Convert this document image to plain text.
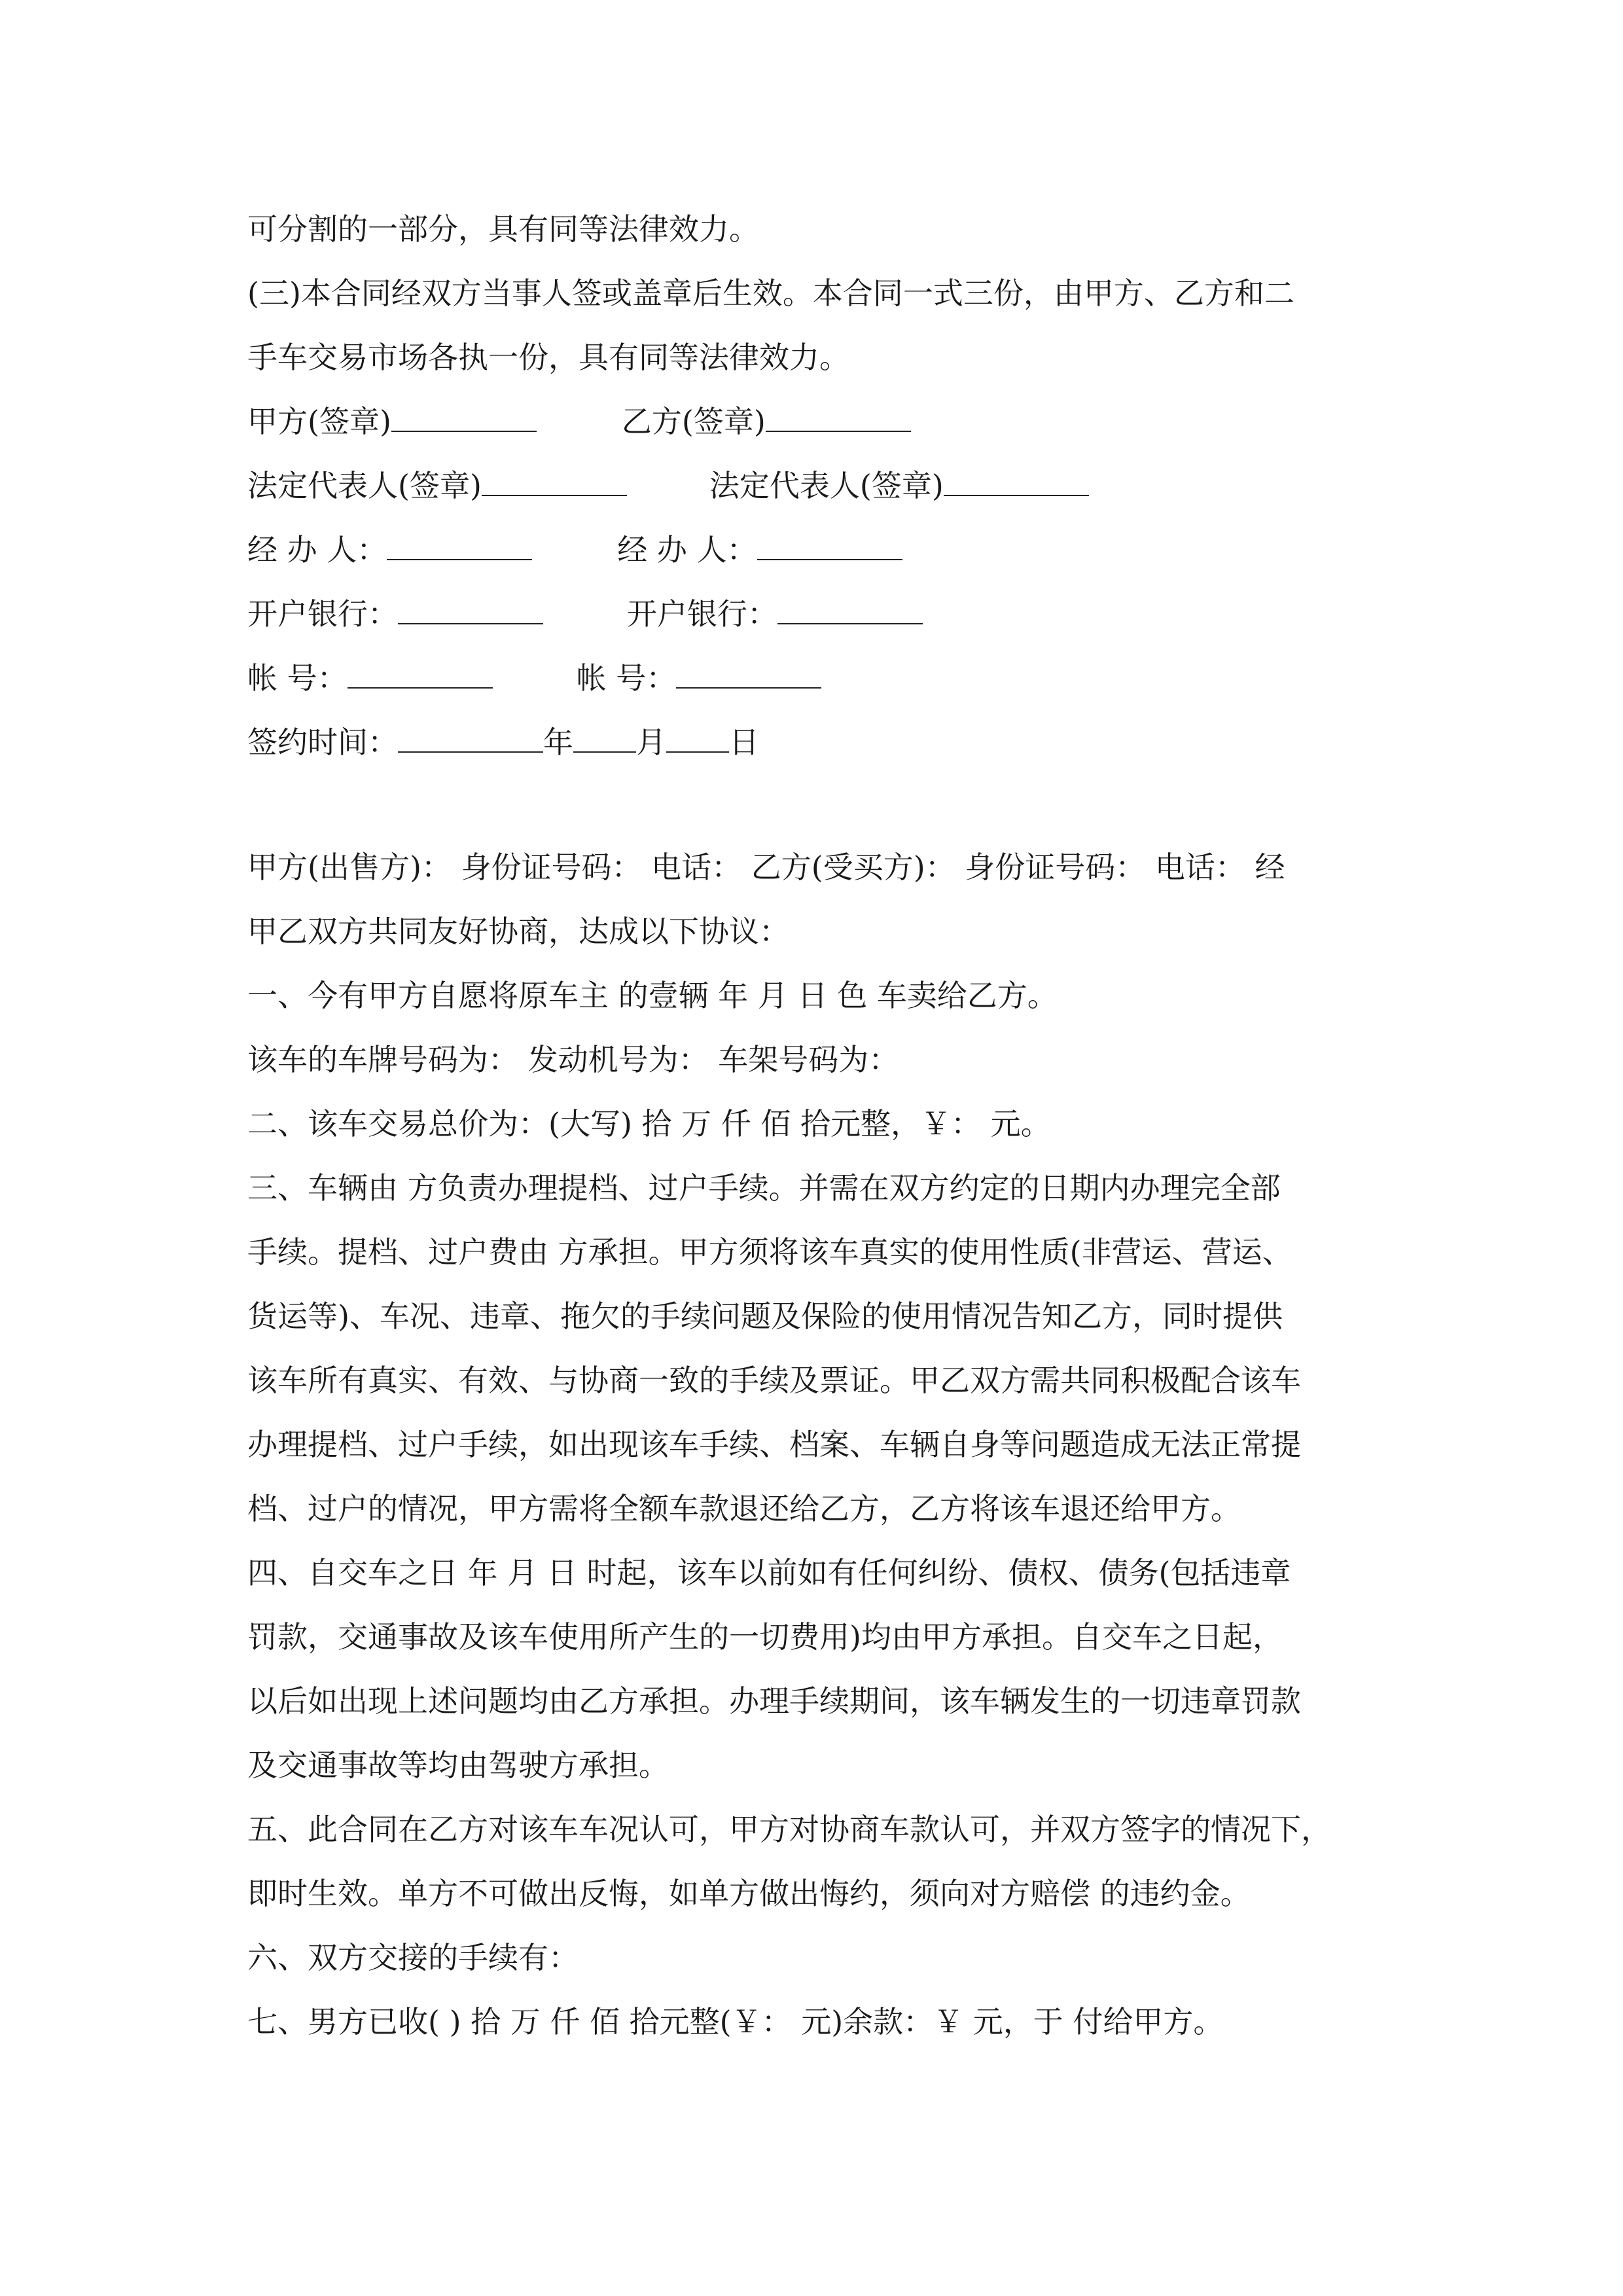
可分割的一部分，具有同等法律效力。
(三)本合同经双方当事人签或盖章后生效。本合同一式三份，由甲方、乙方和二
手车交易市场各执一份，具有同等法律效力。
甲方(签章)	乙方(签章)
法定代表人(签章)	法定代表人(签章)
经 办 人：	经 办 人：
开户银行：	开户银行：
帐 号：	帐 号：
签约时间：	年 月 日
甲方(出售方)： 身份证号码： 电话： 乙方(受买方)： 身份证号码： 电话： 经
甲乙双方共同友好协商，达成以下协议：
一、今有甲方自愿将原车主 的壹辆 年 月 日 色 车卖给乙方。
该车的车牌号码为： 发动机号为： 车架号码为：
二、该车交易总价为：(大写) 拾 万 仟 佰 拾元整，￥： 元。
三、车辆由 方负责办理提档、过户手续。并需在双方约定的日期内办理完全部
手续。提档、过户费由 方承担。甲方须将该车真实的使用性质(非营运、营运、
货运等)、车况、违章、拖欠的手续问题及保险的使用情况告知乙方，同时提供
该车所有真实、有效、与协商一致的手续及票证。甲乙双方需共同积极配合该车
办理提档、过户手续，如出现该车手续、档案、车辆自身等问题造成无法正常提
档、过户的情况，甲方需将全额车款退还给乙方，乙方将该车退还给甲方。
四、自交车之日 年 月 日 时起，该车以前如有任何纠纷、债权、债务(包括违章
罚款，交通事故及该车使用所产生的一切费用)均由甲方承担。自交车之日起，
以后如出现上述问题均由乙方承担。办理手续期间，该车辆发生的一切违章罚款
及交通事故等均由驾驶方承担。
五、此合同在乙方对该车车况认可，甲方对协商车款认可，并双方签字的情况下，
即时生效。单方不可做出反悔，如单方做出悔约，须向对方赔偿 的违约金。
六、双方交接的手续有：
七、男方已收( ) 拾 万 仟 佰 拾元整(￥： 元)余款：￥ 元，于 付给甲方。
